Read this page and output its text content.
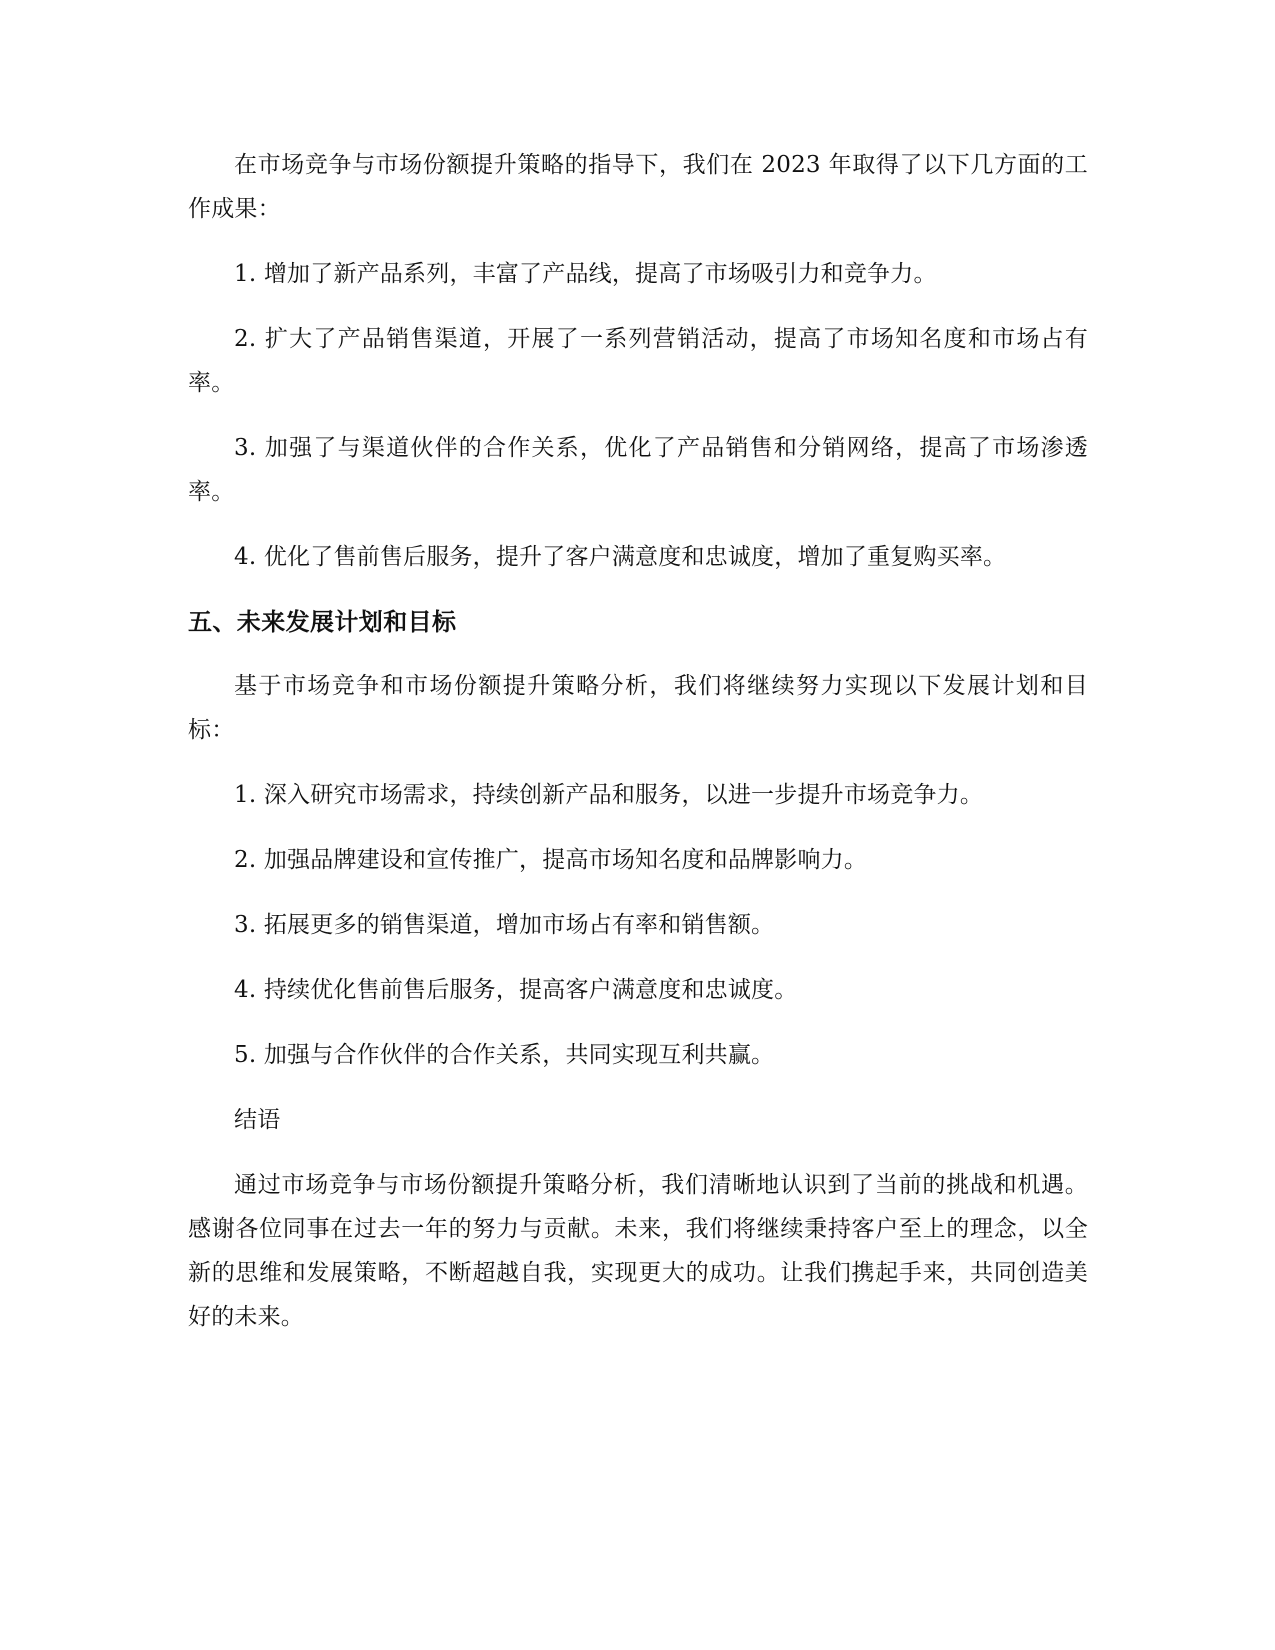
在市场竞争与市场份额提升策略的指导下，我们在 2023 年取得了以下几方面的工作成果：

1. 增加了新产品系列，丰富了产品线，提高了市场吸引力和竞争力。

2. 扩大了产品销售渠道，开展了一系列营销活动，提高了市场知名度和市场占有率。

3. 加强了与渠道伙伴的合作关系，优化了产品销售和分销网络，提高了市场渗透率。

4. 优化了售前售后服务，提升了客户满意度和忠诚度，增加了重复购买率。

五、未来发展计划和目标

基于市场竞争和市场份额提升策略分析，我们将继续努力实现以下发展计划和目标：

1. 深入研究市场需求，持续创新产品和服务，以进一步提升市场竞争力。

2. 加强品牌建设和宣传推广，提高市场知名度和品牌影响力。

3. 拓展更多的销售渠道，增加市场占有率和销售额。

4. 持续优化售前售后服务，提高客户满意度和忠诚度。

5. 加强与合作伙伴的合作关系，共同实现互利共赢。

结语

通过市场竞争与市场份额提升策略分析，我们清晰地认识到了当前的挑战和机遇。感谢各位同事在过去一年的努力与贡献。未来，我们将继续秉持客户至上的理念，以全新的思维和发展策略，不断超越自我，实现更大的成功。让我们携起手来，共同创造美好的未来。
